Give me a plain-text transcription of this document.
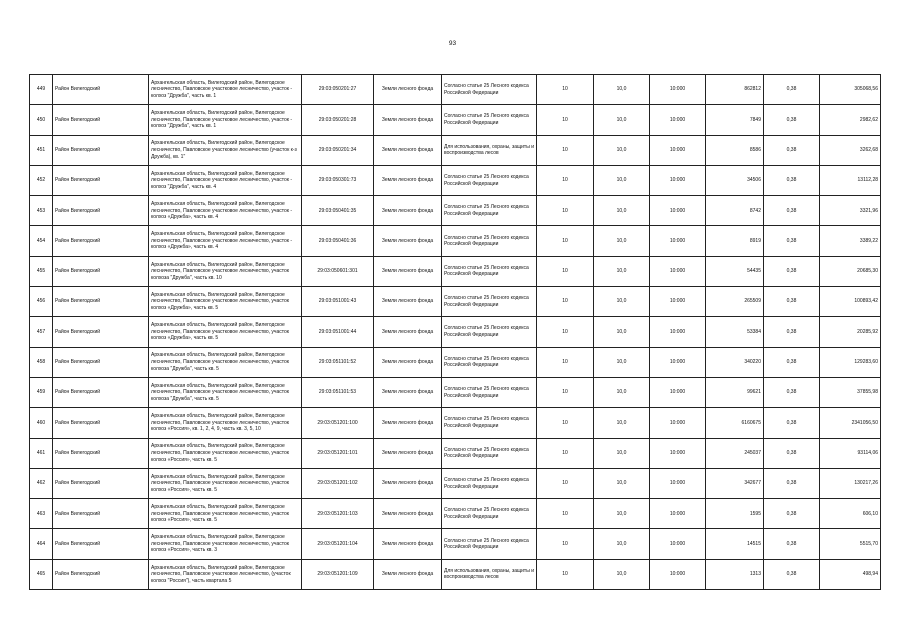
93
449	Район Вилегодский	Архангельская область, Вилегодский район, Вилегодское лесничество, Павловское участковое лесничество, участок - колхоз "Дружба", часть кв. 1	29:03:050201:27	Земли лесного фонда	Согласно статье 25 Лесного кодекса Российской Федерации	10	10,0	10:000	862812	0,38	305068,56
450	Район Вилегодский	Архангельская область, Вилегодский район, Вилегодское лесничество, Павловское участковое лесничество, участок - колхоз "Дружба", часть кв. 1	29:03:050201:28	Земли лесного фонда	Согласно статье 25 Лесного кодекса Российской Федерации	10	10,0	10:000	7849	0,38	2982,62
451	Район Вилегодский	Архангельская область, Вилегодский район, Вилегодское лесничество, Павловское участковое лесничество (участок к-з Дружба), кв. 1"	29:03:050201:34	Земли лесного фонда	Для использования, охраны, защиты и воспроизводства лесов	10	10,0	10:000	8586	0,38	3262,68
452	Район Вилегодский	Архангельская область, Вилегодский район, Вилегодское лесничество, Павловское участковое лесничество, участок - колхоз "Дружба", часть кв. 4	29:03:050301:73	Земли лесного фонда	Согласно статье 25 Лесного кодекса Российской Федерации	10	10,0	10:000	34506	0,38	13112,28
453	Район Вилегодский	Архангельская область, Вилегодский район, Вилегодское лесничество, Павловское участковое лесничество, участок - колхоз «Дружба», часть кв. 4	29:03:050401:35	Земли лесного фонда	Согласно статье 25 Лесного кодекса Российской Федерации	10	10,0	10:000	8742	0,38	3321,96
454	Район Вилегодский	Архангельская область, Вилегодский район, Вилегодское лесничество, Павловское участковое лесничество, участок - колхоз «Дружба», часть кв. 4	29:03:050401:36	Земли лесного фонда	Согласно статье 25 Лесного кодекса Российской Федерации	10	10,0	10:000	8919	0,38	3389,22
455	Район Вилегодский	Архангельская область, Вилегодский район, Вилегодское лесничество, Павловское участковое лесничество, участок колхоза "Дружба", часть кв. 10	29:03:050601:301	Земли лесного фонда	Согласно статье 25 Лесного кодекса Российской Федерации	10	10,0	10:000	54435	0,38	20685,30
456	Район Вилегодский	Архангельская область, Вилегодский район, Вилегодское лесничество, Павловское участковое лесничество, участок колхоз «Дружба», часть кв. 5	29:03:051001:43	Земли лесного фонда	Согласно статье 25 Лесного кодекса Российской Федерации	10	10,0	10:000	265509	0,38	100893,42
457	Район Вилегодский	Архангельская область, Вилегодский район, Вилегодское лесничество, Павловское участковое лесничество, участок колхоз «Дружба», часть кв. 5	29:03:051001:44	Земли лесного фонда	Согласно статье 25 Лесного кодекса Российской Федерации	10	10,0	10:000	53384	0,38	20285,92
458	Район Вилегодский	Архангельская область, Вилегодский район, Вилегодское лесничество, Павловское участковое лесничество, участок колхоза "Дружба", часть кв. 5	29:03:051101:52	Земли лесного фонда	Согласно статье 25 Лесного кодекса Российской Федерации	10	10,0	10:000	340220	0,38	129283,60
459	Район Вилегодский	Архангельская область, Вилегодский район, Вилегодское лесничество, Павловское участковое лесничество, участок колхоза "Дружба", часть кв. 5	29:03:051101:53	Земли лесного фонда	Согласно статье 25 Лесного кодекса Российской Федерации	10	10,0	10:000	99621	0,38	37855,98
460	Район Вилегодский	Архангельская область, Вилегодский район, Вилегодское лесничество, Павловское участковое лесничество, участок колхоз «Россия», кв. 1, 2, 4, 9, часть кв. 3, 5, 10	29:03:051201:100	Земли лесного фонда	Согласно статье 25 Лесного кодекса Российской Федерации	10	10,0	10:000	6160675	0,38	2341056,50
461	Район Вилегодский	Архангельская область, Вилегодский район, Вилегодское лесничество, Павловское участковое лесничество, участок колхоз «Россия», часть кв. 5	29:03:051201:101	Земли лесного фонда	Согласно статье 25 Лесного кодекса Российской Федерации	10	10,0	10:000	245037	0,38	93114,06
462	Район Вилегодский	Архангельская область, Вилегодский район, Вилегодское лесничество, Павловское участковое лесничество, участок колхоз «Россия», часть кв. 5	29:03:051201:102	Земли лесного фонда	Согласно статье 25 Лесного кодекса Российской Федерации	10	10,0	10:000	342677	0,38	130217,26
463	Район Вилегодский	Архангельская область, Вилегодский район, Вилегодское лесничество, Павловское участковое лесничество, участок колхоз «Россия», часть кв. 5	29:03:051201:103	Земли лесного фонда	Согласно статье 25 Лесного кодекса Российской Федерации	10	10,0	10:000	1595	0,38	606,10
464	Район Вилегодский	Архангельская область, Вилегодский район, Вилегодское лесничество, Павловское участковое лесничество, участок колхоз «Россия», часть кв. 3	29:03:051201:104	Земли лесного фонда	Согласно статье 25 Лесного кодекса Российской Федерации	10	10,0	10:000	14515	0,38	5515,70
465	Район Вилегодский	Архангельская область, Вилегодский район, Вилегодское лесничество, Павловское участковое лесничество, (участок колхоз "Россия"), часть квартала 5	29:03:051201:109	Земли лесного фонда	Для использования, охраны, защиты и воспроизводства лесов	10	10,0	10:000	1313	0,38	498,94
